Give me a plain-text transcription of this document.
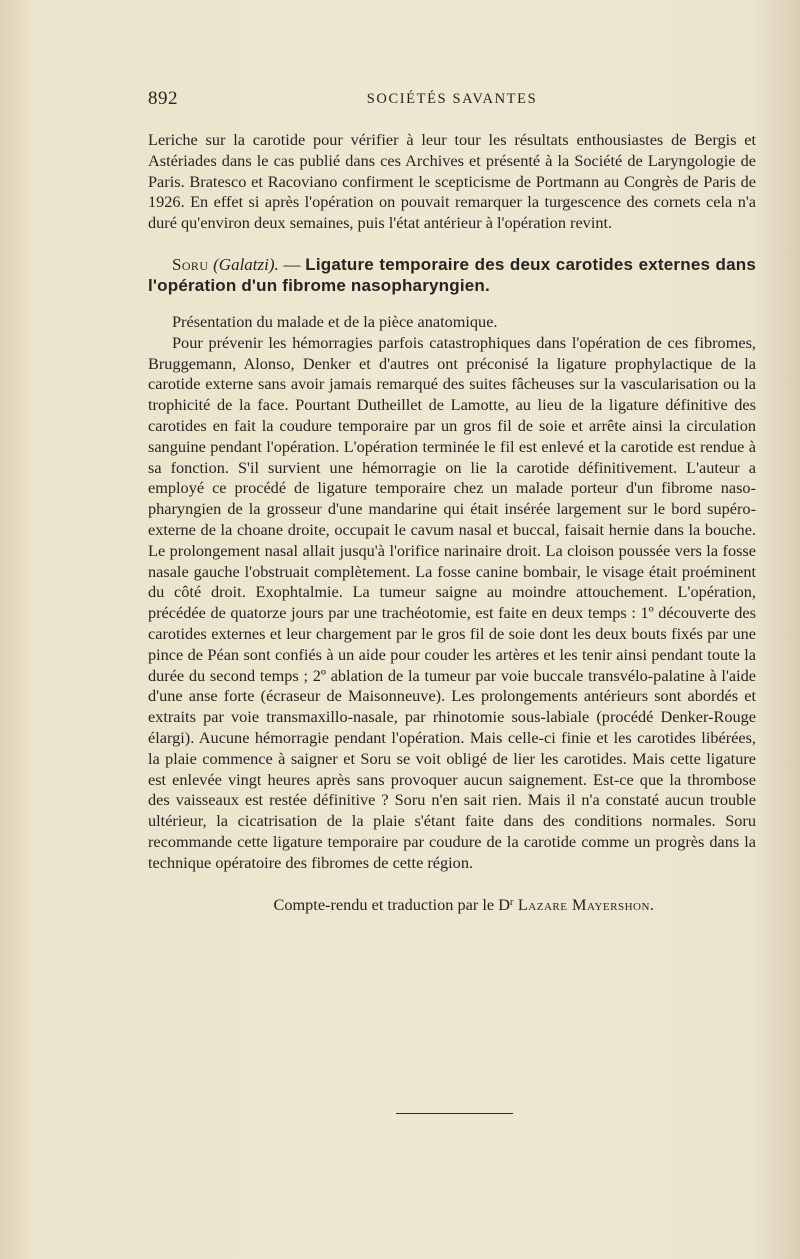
892	SOCIÉTÉS SAVANTES

Leriche sur la carotide pour vérifier à leur tour les résultats enthousiastes de Bergis et Astériades dans le cas publié dans ces Archives et présenté à la Société de Laryngologie de Paris. Bratesco et Racoviano confirment le scepticisme de Portmann au Congrès de Paris de 1926. En effet si après l'opération on pouvait remarquer la turgescence des cornets cela n'a duré qu'environ deux semaines, puis l'état antérieur à l'opération revint.

Soru (Galatzi). — Ligature temporaire des deux carotides externes dans l'opération d'un fibrome nasopharyngien.

Présentation du malade et de la pièce anatomique.

Pour prévenir les hémorragies parfois catastrophiques dans l'opération de ces fibromes, Bruggemann, Alonso, Denker et d'autres ont préconisé la ligature prophylactique de la carotide externe sans avoir jamais remarqué des suites fâcheuses sur la vascularisation ou la trophicité de la face. Pourtant Dutheillet de Lamotte, au lieu de la ligature définitive des carotides en fait la coudure temporaire par un gros fil de soie et arrête ainsi la circulation sanguine pendant l'opération. L'opération terminée le fil est enlevé et la carotide est rendue à sa fonction. S'il survient une hémorragie on lie la carotide définitivement. L'auteur a employé ce procédé de ligature temporaire chez un malade porteur d'un fibrome naso-pharyngien de la grosseur d'une mandarine qui était insérée largement sur le bord supéro-externe de la choane droite, occupait le cavum nasal et buccal, faisait hernie dans la bouche. Le prolongement nasal allait jusqu'à l'orifice narinaire droit. La cloison poussée vers la fosse nasale gauche l'obstruait complètement. La fosse canine bombair, le visage était proéminent du côté droit. Exophtalmie. La tumeur saigne au moindre attouchement. L'opération, précédée de quatorze jours par une trachéotomie, est faite en deux temps : 1º découverte des carotides externes et leur chargement par le gros fil de soie dont les deux bouts fixés par une pince de Péan sont confiés à un aide pour couder les artères et les tenir ainsi pendant toute la durée du second temps ; 2º ablation de la tumeur par voie buccale transvélo-palatine à l'aide d'une anse forte (écraseur de Maisonneuve). Les prolongements antérieurs sont abordés et extraits par voie transmaxillo-nasale, par rhinotomie sous-labiale (procédé Denker-Rouge élargi). Aucune hémorragie pendant l'opération. Mais celle-ci finie et les carotides libérées, la plaie commence à saigner et Soru se voit obligé de lier les carotides. Mais cette ligature est enlevée vingt heures après sans provoquer aucun saignement. Est-ce que la thrombose des vaisseaux est restée définitive ? Soru n'en sait rien. Mais il n'a constaté aucun trouble ultérieur, la cicatrisation de la plaie s'étant faite dans des conditions normales. Soru recommande cette ligature temporaire par coudure de la carotide comme un progrès dans la technique opératoire des fibromes de cette région.

Compte-rendu et traduction par le $D^r$ Lazare Mayershon.
